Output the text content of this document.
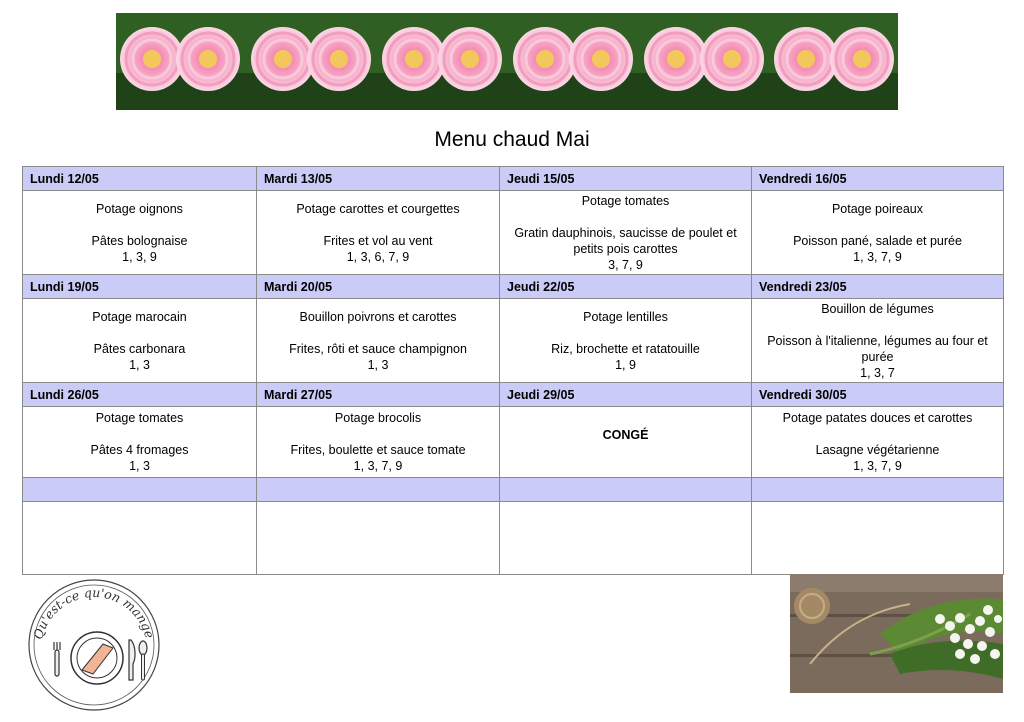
Menu chaud Mai
Lundi 12/05	Mardi 13/05	Jeudi 15/05	Vendredi 16/05

Potage oignons
Pâtes bolognaise
1, 3, 9	Potage carottes et courgettes
Frites et vol au vent
1, 3, 6, 7, 9	Potage tomates
Gratin dauphinois, saucisse de poulet et petits pois carottes
3, 7, 9	Potage poireaux
Poisson pané, salade et purée
1, 3, 7, 9

Lundi 19/05	Mardi 20/05	Jeudi 22/05	Vendredi 23/05

Potage marocain
Pâtes carbonara
1, 3	Bouillon poivrons et carottes
Frites, rôti et sauce champignon
1, 3	Potage lentilles
Riz, brochette et ratatouille
1, 9	Bouillon de légumes
Poisson à l'italienne, légumes au four et purée
1, 3, 7

Lundi 26/05	Mardi 27/05	Jeudi 29/05	Vendredi 30/05

Potage tomates
Pâtes 4 fromages
1, 3	Potage brocolis
Frites, boulette et sauce tomate
1, 3, 7, 9	CONGÉ	Potage patates douces et carottes
Lasagne végétarienne
1, 3, 7, 9

Qu'est-ce qu'on mange
